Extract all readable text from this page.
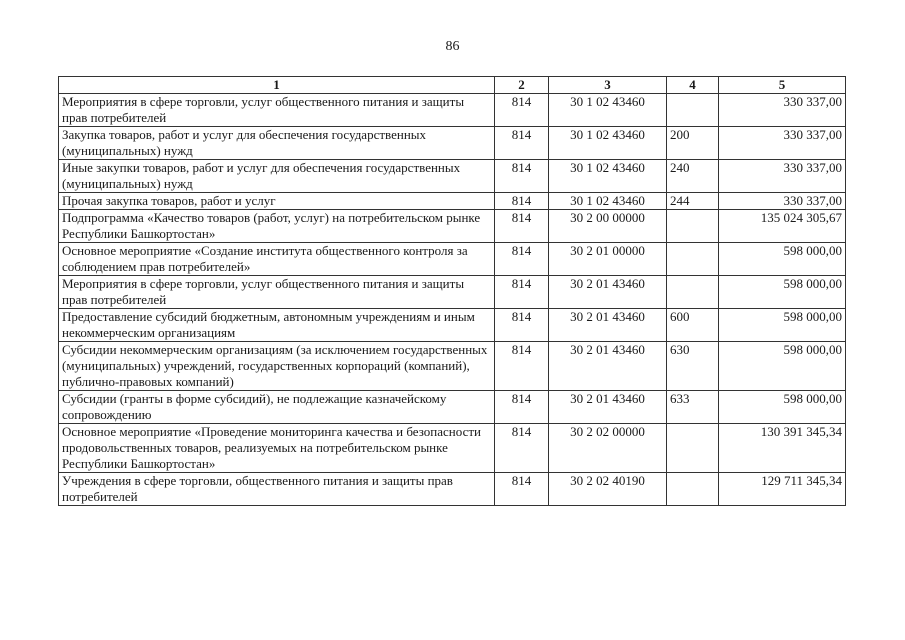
86
1	2	3	4	5
Мероприятия в сфере торговли, услуг общественного питания и защиты прав потребителей	814	30 1 02 43460		330 337,00
Закупка товаров, работ и услуг для обеспечения государственных (муниципальных) нужд	814	30 1 02 43460	200	330 337,00
Иные закупки товаров, работ и услуг для обеспечения государственных (муниципальных) нужд	814	30 1 02 43460	240	330 337,00
Прочая закупка товаров, работ и услуг	814	30 1 02 43460	244	330 337,00
Подпрограмма «Качество товаров (работ, услуг) на потребительском рынке Республики Башкортостан»	814	30 2 00 00000		135 024 305,67
Основное мероприятие «Создание института общественного контроля за соблюдением прав потребителей»	814	30 2 01 00000		598 000,00
Мероприятия в сфере торговли, услуг общественного питания и защиты прав потребителей	814	30 2 01 43460		598 000,00
Предоставление субсидий бюджетным, автономным учреждениям и иным некоммерческим организациям	814	30 2 01 43460	600	598 000,00
Субсидии некоммерческим организациям (за исключением государственных (муниципальных) учреждений, государственных корпораций (компаний), публично-правовых компаний)	814	30 2 01 43460	630	598 000,00
Субсидии (гранты в форме субсидий), не подлежащие казначейскому сопровождению	814	30 2 01 43460	633	598 000,00
Основное мероприятие «Проведение мониторинга качества и безопасности продовольственных товаров, реализуемых на потребительском рынке Республики Башкортостан»	814	30 2 02 00000		130 391 345,34
Учреждения в сфере торговли, общественного питания и защиты прав потребителей	814	30 2 02 40190		129 711 345,34
